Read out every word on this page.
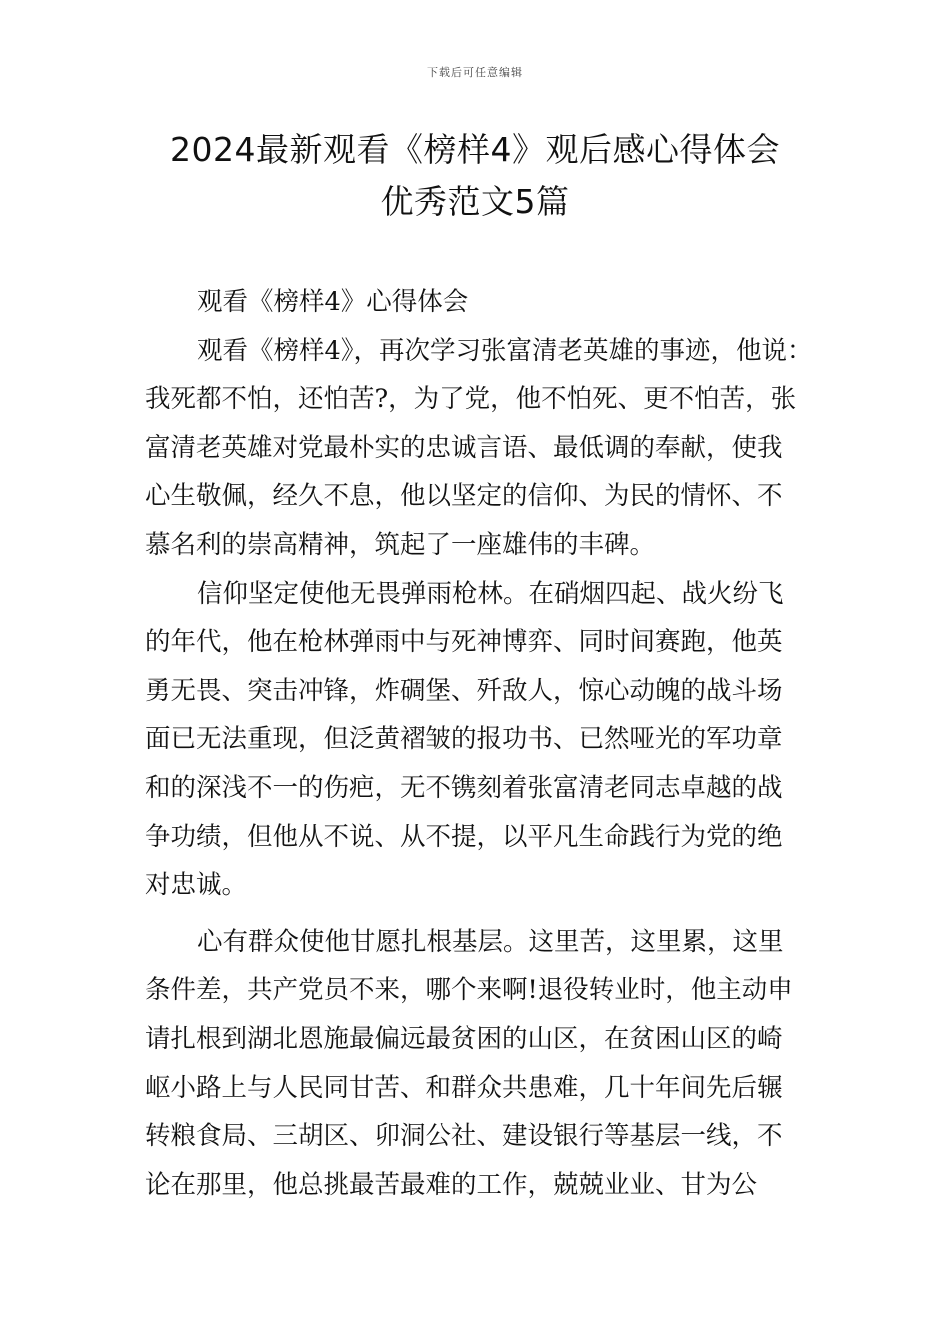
下载后可任意编辑
2024最新观看《榜样4》观后感心得体会
优秀范文5篇
观看《榜样4》心得体会
观看《榜样4》，再次学习张富清老英雄的事迹，他说：
我死都不怕，还怕苦?，为了党，他不怕死、更不怕苦，张
富清老英雄对党最朴实的忠诚言语、最低调的奉献，使我
心生敬佩，经久不息，他以坚定的信仰、为民的情怀、不
慕名利的崇高精神，筑起了一座雄伟的丰碑。
信仰坚定使他无畏弹雨枪林。在硝烟四起、战火纷飞
的年代，他在枪林弹雨中与死神博弈、同时间赛跑，他英
勇无畏、突击冲锋，炸碉堡、歼敌人，惊心动魄的战斗场
面已无法重现，但泛黄褶皱的报功书、已然哑光的军功章
和的深浅不一的伤疤，无不镌刻着张富清老同志卓越的战
争功绩，但他从不说、从不提，以平凡生命践行为党的绝
对忠诚。
心有群众使他甘愿扎根基层。这里苦，这里累，这里
条件差，共产党员不来，哪个来啊!退役转业时，他主动申
请扎根到湖北恩施最偏远最贫困的山区，在贫困山区的崎
岖小路上与人民同甘苦、和群众共患难，几十年间先后辗
转粮食局、三胡区、卯洞公社、建设银行等基层一线，不
论在那里，他总挑最苦最难的工作，兢兢业业、甘为公
